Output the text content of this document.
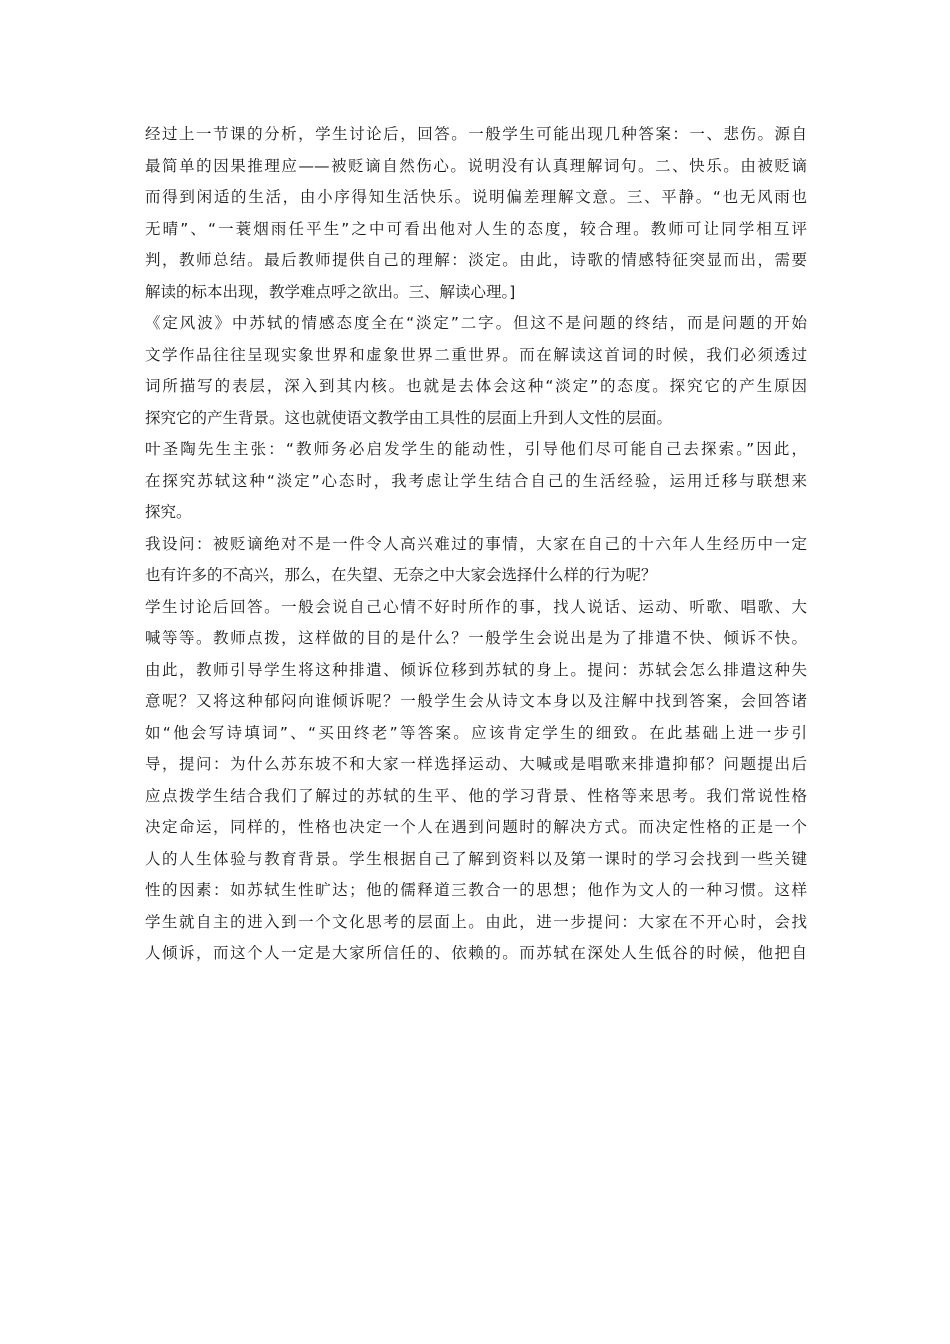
经过上一节课的分析，学生讨论后，回答。一般学生可能出现几种答案：一、悲伤。源自
最简单的因果推理应——被贬谪自然伤心。说明没有认真理解词句。二、快乐。由被贬谪
而得到闲适的生活，由小序得知生活快乐。说明偏差理解文意。三、平静。“也无风雨也
无晴”、“一蓑烟雨任平生”之中可看出他对人生的态度，较合理。教师可让同学相互评
判，教师总结。最后教师提供自己的理解：淡定。由此，诗歌的情感特征突显而出，需要
解读的标本出现，教学难点呼之欲出。三、解读心理。]
《定风波》中苏轼的情感态度全在“淡定”二字。但这不是问题的终结，而是问题的开始
文学作品往往呈现实象世界和虚象世界二重世界。而在解读这首词的时候，我们必须透过
词所描写的表层，深入到其内核。也就是去体会这种“淡定”的态度。探究它的产生原因
探究它的产生背景。这也就使语文教学由工具性的层面上升到人文性的层面。
叶圣陶先生主张：“教师务必启发学生的能动性，引导他们尽可能自己去探索。”因此，
在探究苏轼这种“淡定”心态时，我考虑让学生结合自己的生活经验，运用迁移与联想来
探究。
我设问：被贬谪绝对不是一件令人高兴难过的事情，大家在自己的十六年人生经历中一定
也有许多的不高兴，那么，在失望、无奈之中大家会选择什么样的行为呢？
学生讨论后回答。一般会说自己心情不好时所作的事，找人说话、运动、听歌、唱歌、大
喊等等。教师点拨，这样做的目的是什么？一般学生会说出是为了排遣不快、倾诉不快。
由此，教师引导学生将这种排遣、倾诉位移到苏轼的身上。提问：苏轼会怎么排遣这种失
意呢？又将这种郁闷向谁倾诉呢？一般学生会从诗文本身以及注解中找到答案，会回答诸
如“他会写诗填词”、“买田终老”等答案。应该肯定学生的细致。在此基础上进一步引
导，提问：为什么苏东坡不和大家一样选择运动、大喊或是唱歌来排遣抑郁？问题提出后
应点拨学生结合我们了解过的苏轼的生平、他的学习背景、性格等来思考。我们常说性格
决定命运，同样的，性格也决定一个人在遇到问题时的解决方式。而决定性格的正是一个
人的人生体验与教育背景。学生根据自己了解到资料以及第一课时的学习会找到一些关键
性的因素：如苏轼生性旷达；他的儒释道三教合一的思想；他作为文人的一种习惯。这样
学生就自主的进入到一个文化思考的层面上。由此，进一步提问：大家在不开心时，会找
人倾诉，而这个人一定是大家所信任的、依赖的。而苏轼在深处人生低谷的时候，他把自
